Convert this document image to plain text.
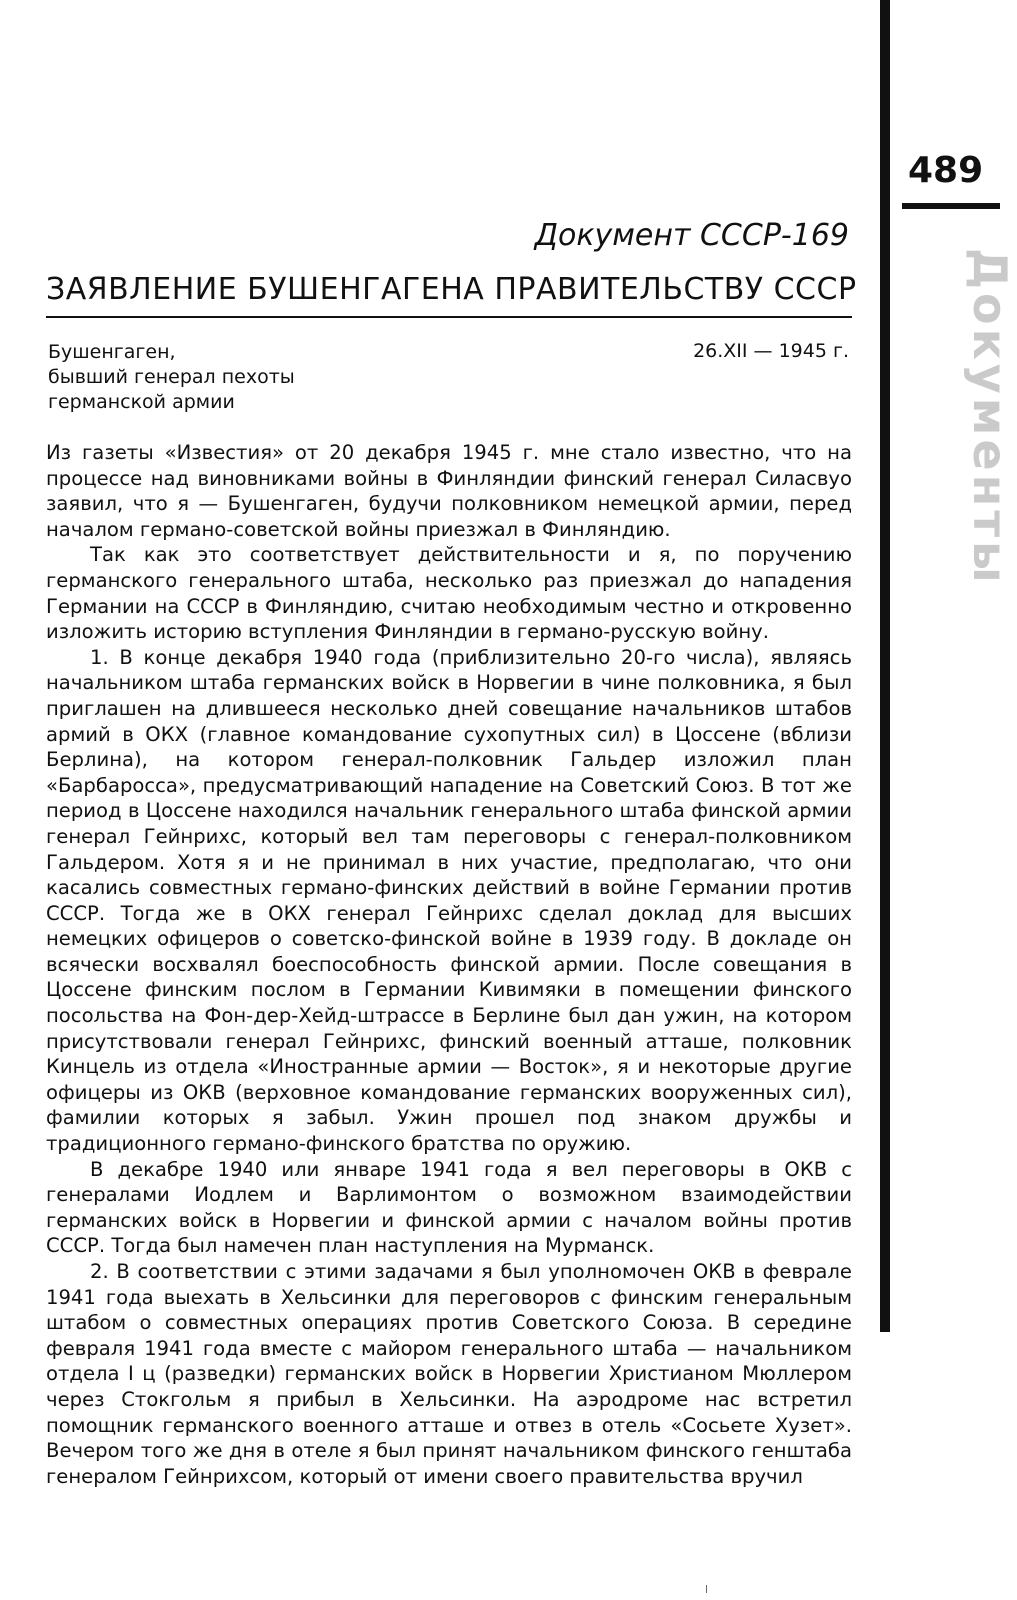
489
Документы
Документ СССР-169
ЗАЯВЛЕНИЕ БУШЕНГАГЕНА ПРАВИТЕЛЬСТВУ СССР
Бушенгаген,
бывший генерал пехоты
германской армии
26.XII — 1945 г.

Из газеты «Известия» от 20 декабря 1945 г. мне стало известно, что на процессе над виновниками войны в Финляндии финский генерал Силасвуо заявил, что я — Бушенгаген, будучи полковником немецкой армии, перед началом германо-советской войны приезжал в Финляндию.

Так как это соответствует действительности и я, по поручению германского генерального штаба, несколько раз приезжал до нападения Германии на СССР в Финляндию, считаю необходимым честно и откровенно изложить историю вступления Финляндии в германо-русскую войну.

1. В конце декабря 1940 года (приблизительно 20-го числа), являясь начальником штаба германских войск в Норвегии в чине полковника, я был приглашен на длившееся несколько дней совещание начальников штабов армий в ОКХ (главное командование сухопутных сил) в Цоссене (вблизи Берлина), на котором генерал-полковник Гальдер изложил план «Барбаросса», предусматривающий нападение на Советский Союз. В тот же период в Цоссене находился начальник генерального штаба финской армии генерал Гейнрихс, который вел там переговоры с генерал-полковником Гальдером. Хотя я и не принимал в них участие, предполагаю, что они касались совместных германо-финских действий в войне Германии против СССР. Тогда же в ОКХ генерал Гейнрихс сделал доклад для высших немецких офицеров о советско-финской войне в 1939 году. В докладе он всячески восхвалял боеспособность финской армии. После совещания в Цоссене финским послом в Германии Кивимяки в помещении финского посольства на Фон-дер-Хейд-штрассе в Берлине был дан ужин, на котором присутствовали генерал Гейнрихс, финский военный атташе, полковник Кинцель из отдела «Иностранные армии — Восток», я и некоторые другие офицеры из ОКВ (верховное командование германских вооруженных сил), фамилии которых я забыл. Ужин прошел под знаком дружбы и традиционного германо-финского братства по оружию.

В декабре 1940 или январе 1941 года я вел переговоры в ОКВ с генералами Иодлем и Варлимонтом о возможном взаимодействии германских войск в Норвегии и финской армии с началом войны против СССР. Тогда был намечен план наступления на Мурманск.

2. В соответствии с этими задачами я был уполномочен ОКВ в феврале 1941 года выехать в Хельсинки для переговоров с финским генеральным штабом о совместных операциях против Советского Союза. В середине февраля 1941 года вместе с майором генерального штаба — начальником отдела I ц (разведки) германских войск в Норвегии Христианом Мюллером через Стокгольм я прибыл в Хельсинки. На аэродроме нас встретил помощник германского военного атташе и отвез в отель «Сосьете Хузет». Вечером того же дня в отеле я был принят начальником финского генштаба генералом Гейнрихсом, который от имени своего правительства вручил
